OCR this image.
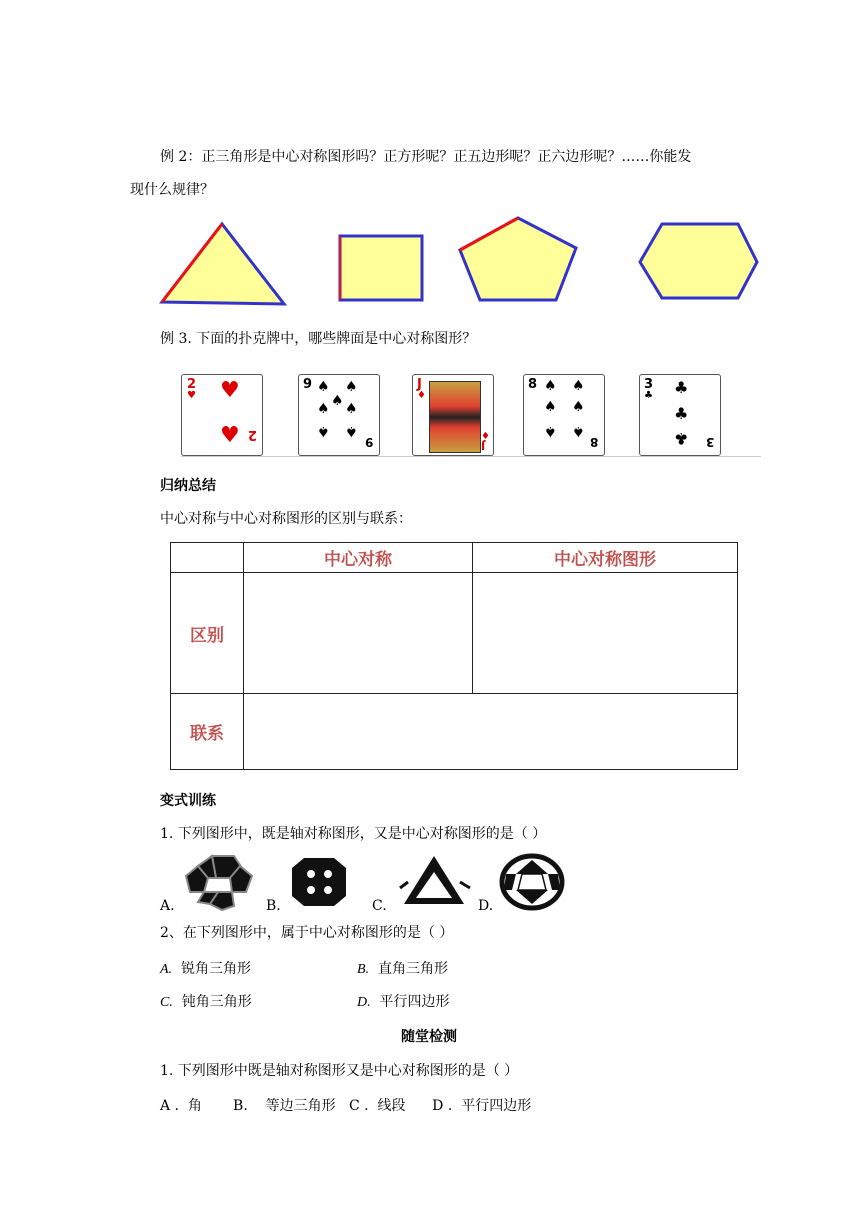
例 2：正三角形是中心对称图形吗？正方形呢？正五边形呢？正六边形呢？……你能发
现什么规律？
例 3. 下面的扑克牌中，哪些牌面是中心对称图形？
2
♥ ♥
♥ 2
9 ♠ ♠
♠
♠ ♠
♠ ♠
9
J
♦
♦
J
8 ♠ ♠
♠ ♠
♠ ♠
8
3
♣ ♣
♣
♣ 3
归纳总结
中心对称与中心对称图形的区别与联系：
	中心对称	中心对称图形
区别		
联系		
变式训练
1. 下列图形中，既是轴对称图形，又是中心对称图形的是（ ）
A.	B.	C.	D.
2、在下列图形中，属于中心对称图形的是（ ）
A. 锐角三角形	B. 直角三角形
C. 钝角三角形	D. 平行四边形
随堂检测
1. 下列图形中既是轴对称图形又是中心对称图形的是（ ）
A .  角       B.    等边三角形   C .  线段      D .  平行四边形
